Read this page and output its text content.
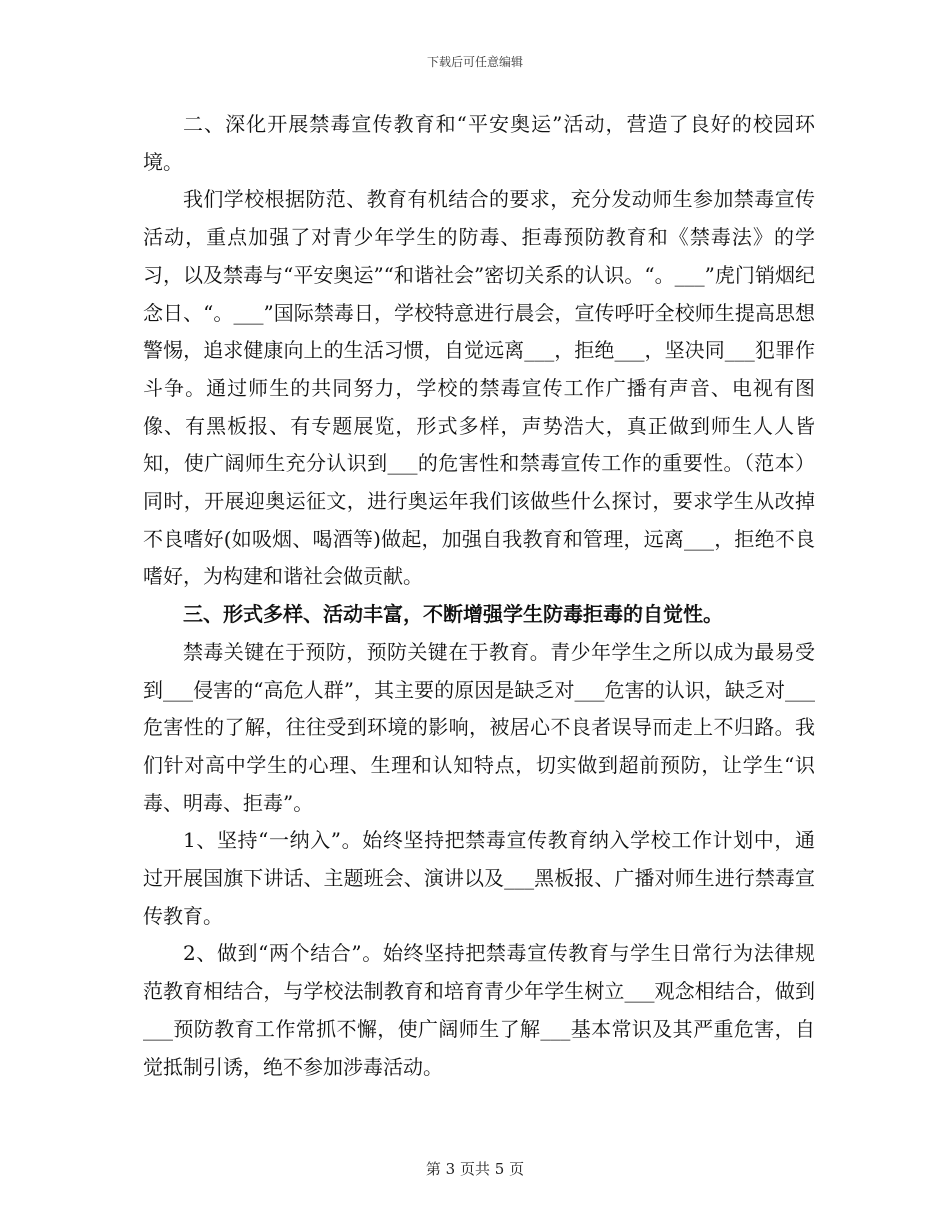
下载后可任意编辑

二、深化开展禁毒宣传教育和“平安奥运”活动，营造了良好的校园环境。

我们学校根据防范、教育有机结合的要求，充分发动师生参加禁毒宣传活动，重点加强了对青少年学生的防毒、拒毒预防教育和《禁毒法》的学习，以及禁毒与“平安奥运”“和谐社会”密切关系的认识。“。___”虎门销烟纪念日、“。___”国际禁毒日，学校特意进行晨会，宣传呼吁全校师生提高思想警惕，追求健康向上的生活习惯，自觉远离___，拒绝___，坚决同___犯罪作斗争。通过师生的共同努力，学校的禁毒宣传工作广播有声音、电视有图像、有黑板报、有专题展览，形式多样，声势浩大，真正做到师生人人皆知，使广阔师生充分认识到___的危害性和禁毒宣传工作的重要性。（范本）同时，开展迎奥运征文，进行奥运年我们该做些什么探讨，要求学生从改掉不良嗜好(如吸烟、喝酒等)做起，加强自我教育和管理，远离___，拒绝不良嗜好，为构建和谐社会做贡献。

三、形式多样、活动丰富，不断增强学生防毒拒毒的自觉性。

禁毒关键在于预防，预防关键在于教育。青少年学生之所以成为最易受到___侵害的“高危人群”，其主要的原因是缺乏对___危害的认识，缺乏对___危害性的了解，往往受到环境的影响，被居心不良者误导而走上不归路。我们针对高中学生的心理、生理和认知特点，切实做到超前预防，让学生“识毒、明毒、拒毒”。

1、坚持“一纳入”。始终坚持把禁毒宣传教育纳入学校工作计划中，通过开展国旗下讲话、主题班会、演讲以及___黑板报、广播对师生进行禁毒宣传教育。

2、做到“两个结合”。始终坚持把禁毒宣传教育与学生日常行为法律规范教育相结合，与学校法制教育和培育青少年学生树立___观念相结合，做到___预防教育工作常抓不懈，使广阔师生了解___基本常识及其严重危害，自觉抵制引诱，绝不参加涉毒活动。

第 3 页共 5 页
